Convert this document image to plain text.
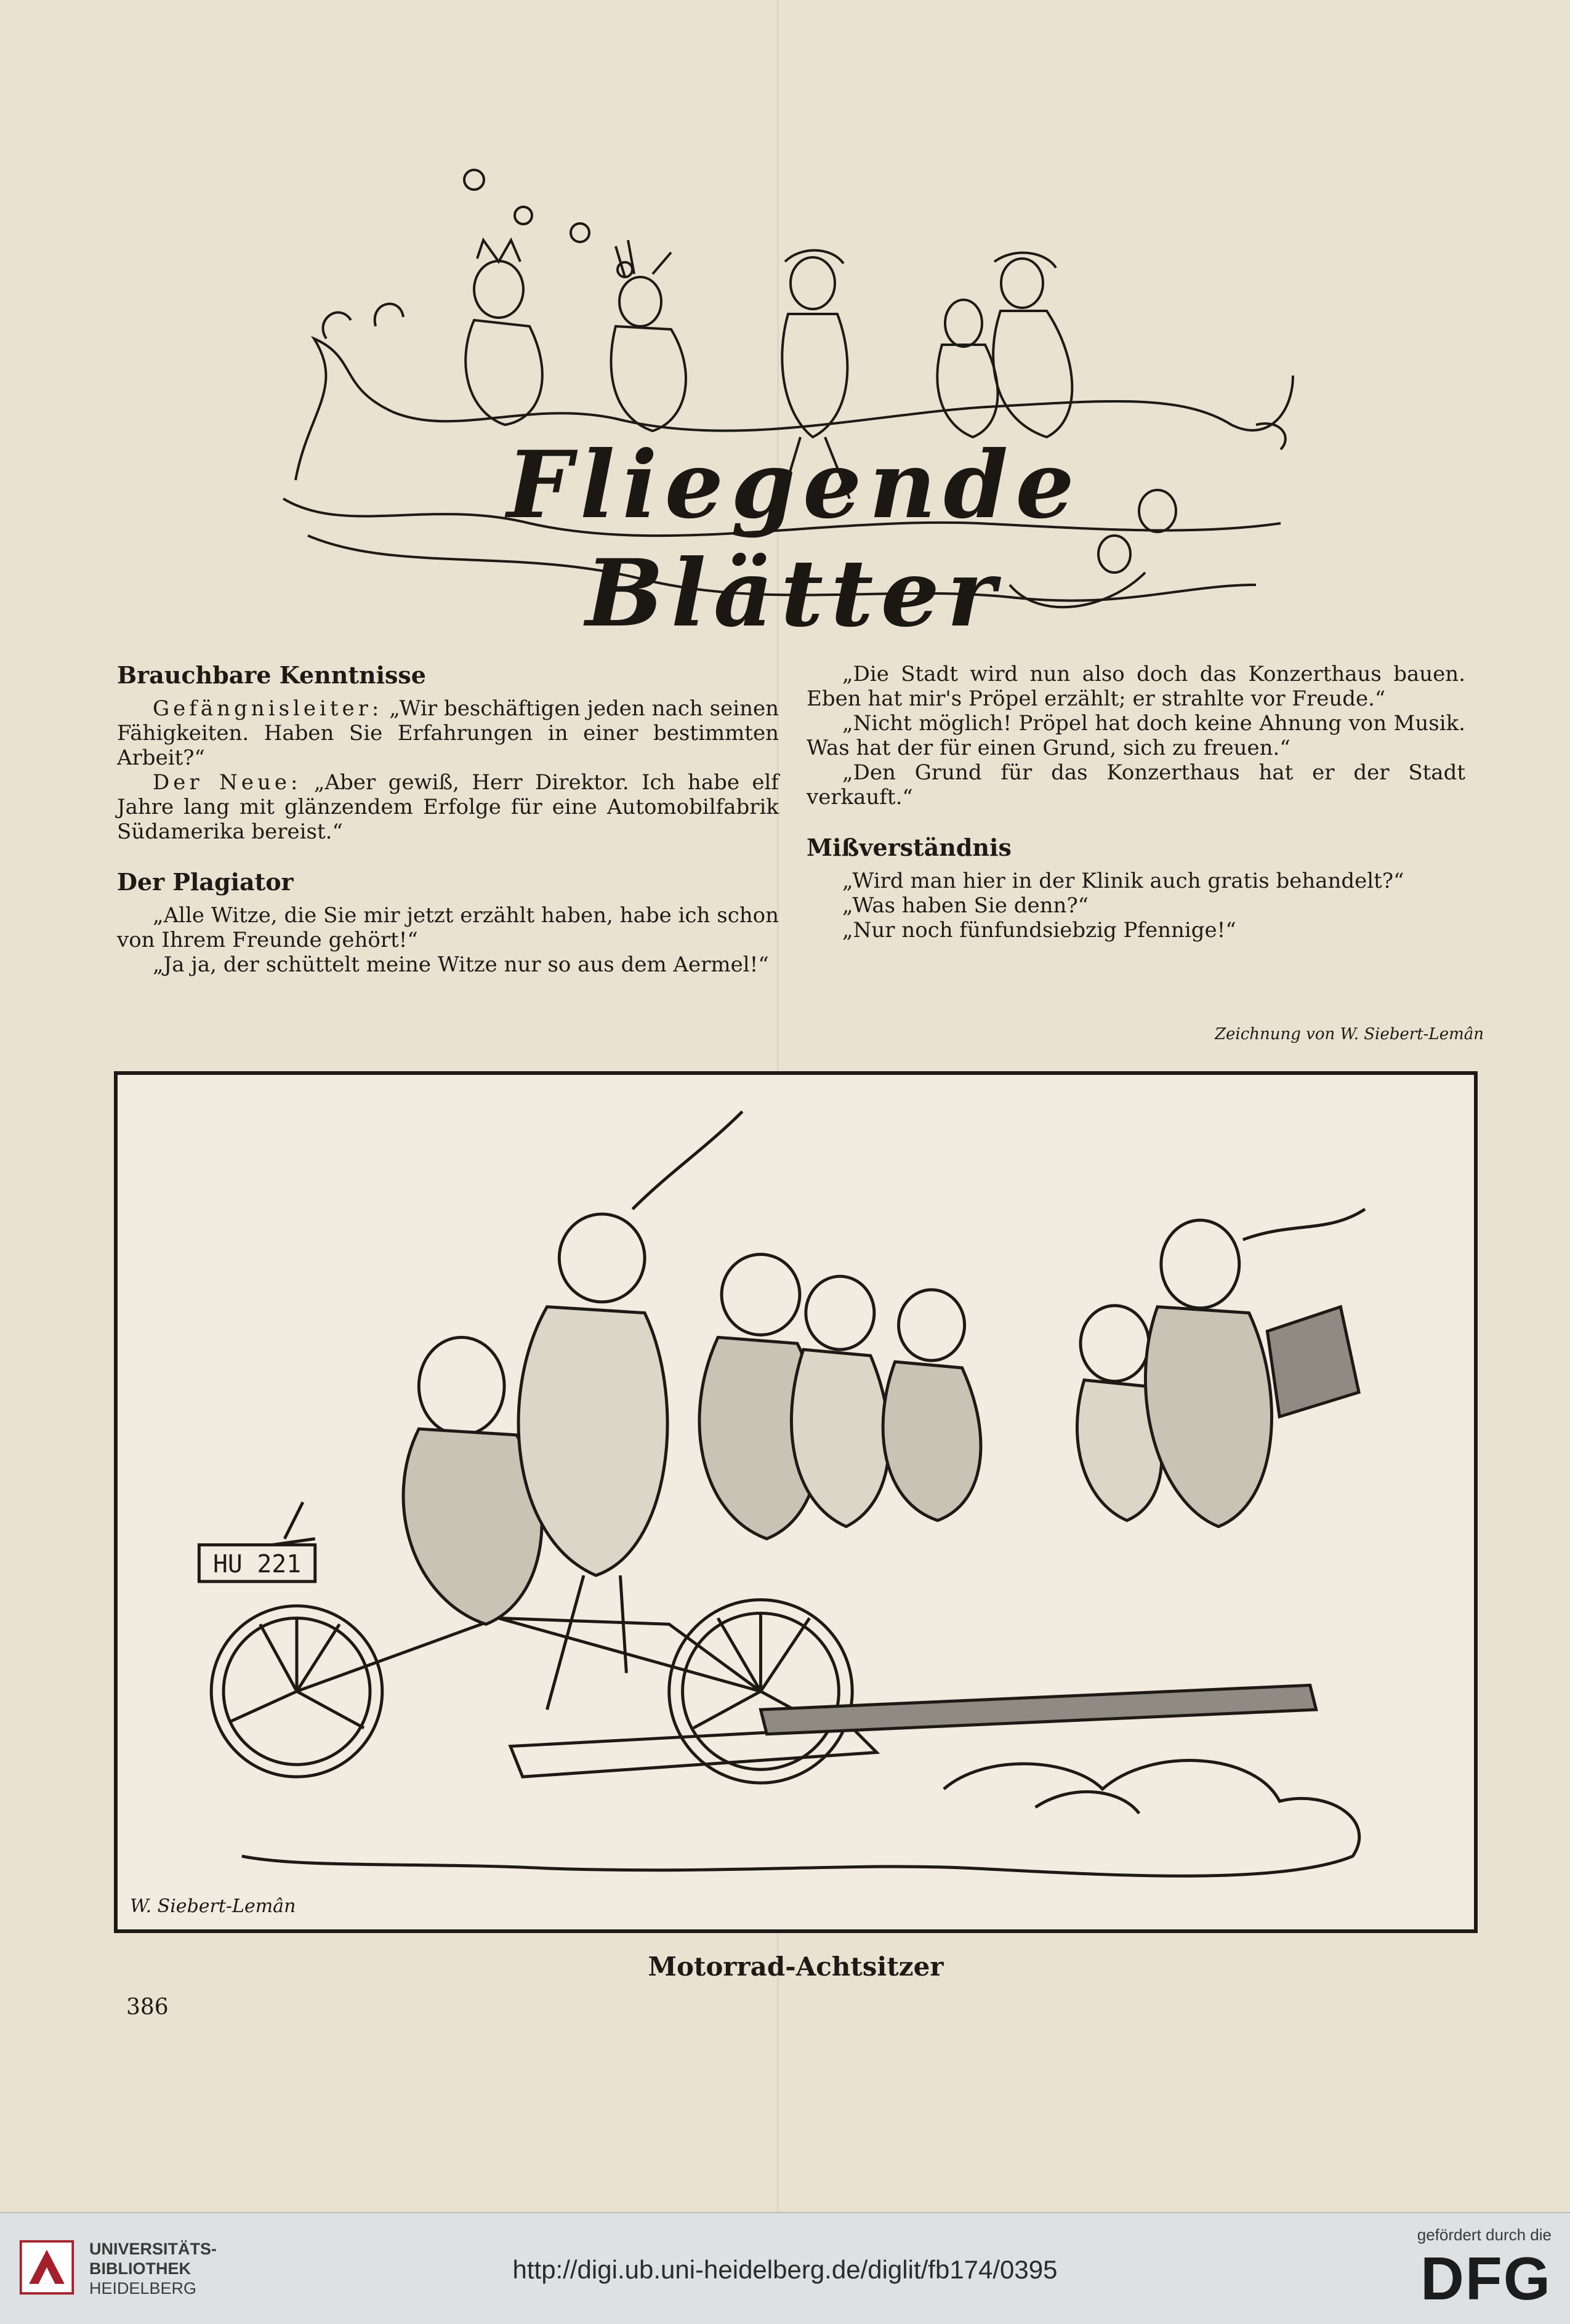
Fliegende Blätter
Brauchbare Kenntnisse

Gefängnisleiter: „Wir beschäftigen jeden nach seinen Fähigkeiten. Haben Sie Erfahrungen in einer bestimmten Arbeit?“

Der Neue: „Aber gewiß, Herr Direktor. Ich habe elf Jahre lang mit glänzendem Erfolge für eine Automobilfabrik Südamerika bereist.“

Der Plagiator

„Alle Witze, die Sie mir jetzt erzählt haben, habe ich schon von Ihrem Freunde gehört!“

„Ja ja, der schüttelt meine Witze nur so aus dem Aermel!“

„Die Stadt wird nun also doch das Konzerthaus bauen. Eben hat mir's Pröpel erzählt; er strahlte vor Freude.“

„Nicht möglich! Pröpel hat doch keine Ahnung von Musik. Was hat der für einen Grund, sich zu freuen.“

„Den Grund für das Konzerthaus hat er der Stadt verkauft.“

Mißverständnis

„Wird man hier in der Klinik auch gratis behandelt?“

„Was haben Sie denn?“

„Nur noch fünfundsiebzig Pfennige!“

Zeichnung von W. Siebert-Lemân
HU 221
W. Siebert-Lemân
Motorrad-Achtsitzer
386
UNIVERSITÄTS-
BIBLIOTHEK
HEIDELBERG
http://digi.ub.uni-heidelberg.de/diglit/fb174/0395
gefördert durch die
DFG
